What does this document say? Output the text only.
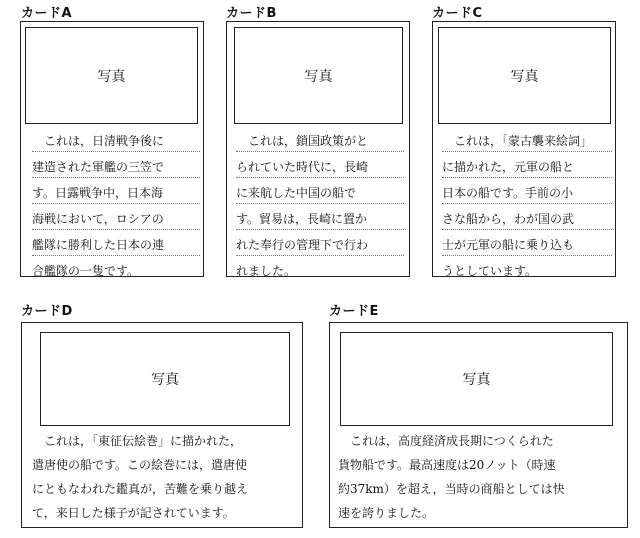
カードA
写真
　これは，日清戦争後に
建造された軍艦の三笠で
す。日露戦争中，日本海
海戦において，ロシアの
艦隊に勝利した日本の連
合艦隊の一隻です。
カードB
写真
　これは，鎖国政策がと
られていた時代に，長崎
に来航した中国の船で
す。貿易は，長崎に置か
れた奉行の管理下で行わ
れました。
カードC
写真
　これは，「蒙古襲来絵詞」
に描かれた，元軍の船と
日本の船です。手前の小
さな船から，わが国の武
士が元軍の船に乗り込も
うとしています。
カードD
写真
　これは，「東征伝絵巻」に描かれた，
遣唐使の船です。この絵巻には，遣唐使
にともなわれた鑑真が，苦難を乗り越え
て，来日した様子が記されています。
カードE
写真
　これは，高度経済成長期につくられた
貨物船です。最高速度は20ノット（時速
約37km）を超え，当時の商船としては快
速を誇りました。
